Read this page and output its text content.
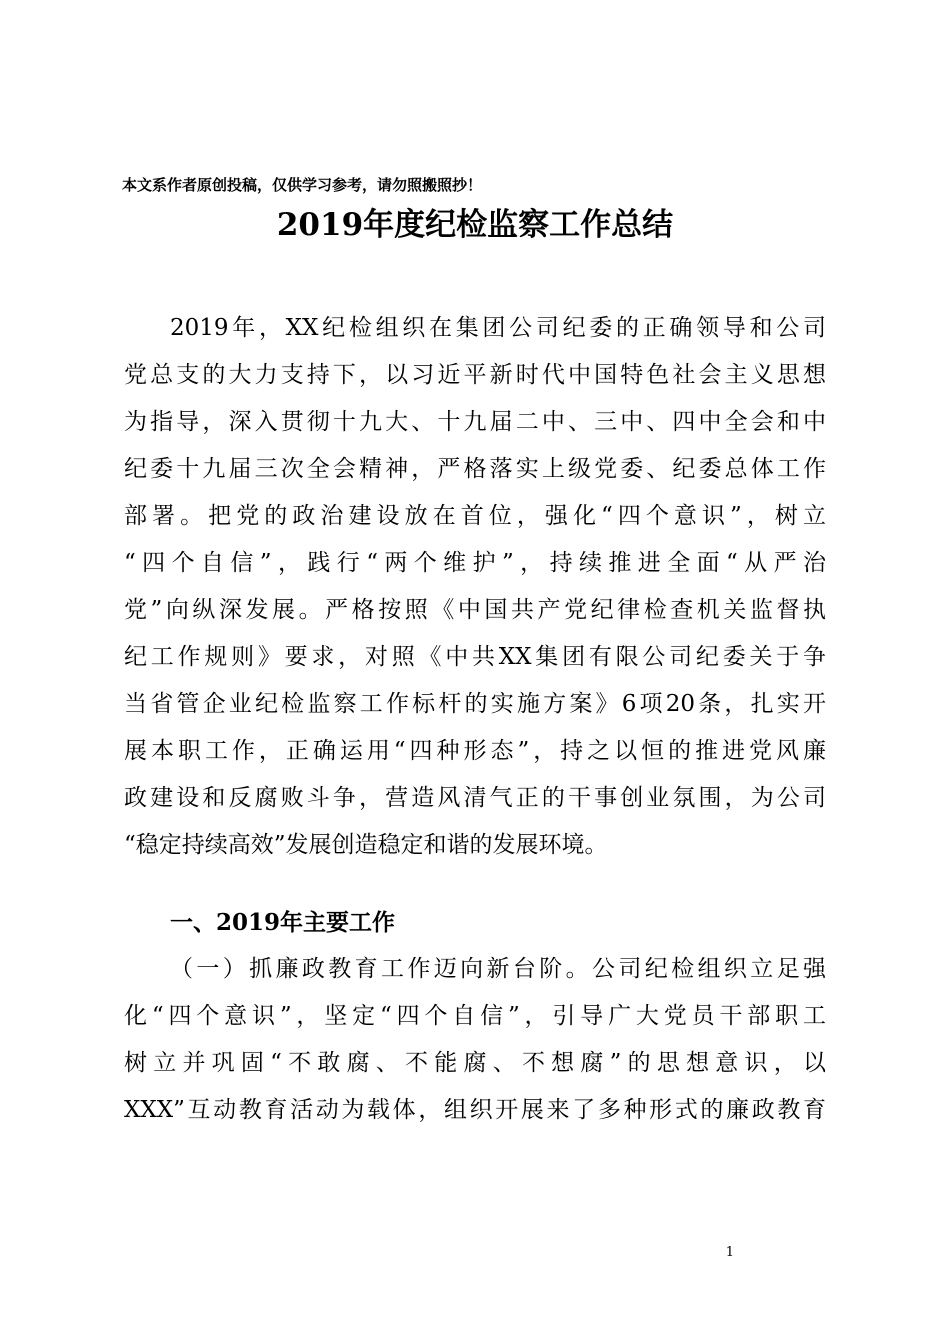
本文系作者原创投稿，仅供学习参考，请勿照搬照抄！
2019年度纪检监察工作总结
2019年，XX纪检组织在集团公司纪委的正确领导和公司
党总支的大力支持下，以习近平新时代中国特色社会主义思想
为指导，深入贯彻十九大、十九届二中、三中、四中全会和中
纪委十九届三次全会精神，严格落实上级党委、纪委总体工作
部署。把党的政治建设放在首位，强化“四个意识”，树立
“四个自信”，践行“两个维护”，持续推进全面“从严治
党”向纵深发展。严格按照《中国共产党纪律检查机关监督执
纪工作规则》要求，对照《中共XX集团有限公司纪委关于争
当省管企业纪检监察工作标杆的实施方案》6项20条，扎实开
展本职工作，正确运用“四种形态”，持之以恒的推进党风廉
政建设和反腐败斗争，营造风清气正的干事创业氛围，为公司
“稳定持续高效”发展创造稳定和谐的发展环境。
一、2019年主要工作
（一）抓廉政教育工作迈向新台阶。公司纪检组织立足强
化“四个意识”，坚定“四个自信”，引导广大党员干部职工
树立并巩固“不敢腐、不能腐、不想腐”的思想意识，以
XXX”互动教育活动为载体，组织开展来了多种形式的廉政教育
1
